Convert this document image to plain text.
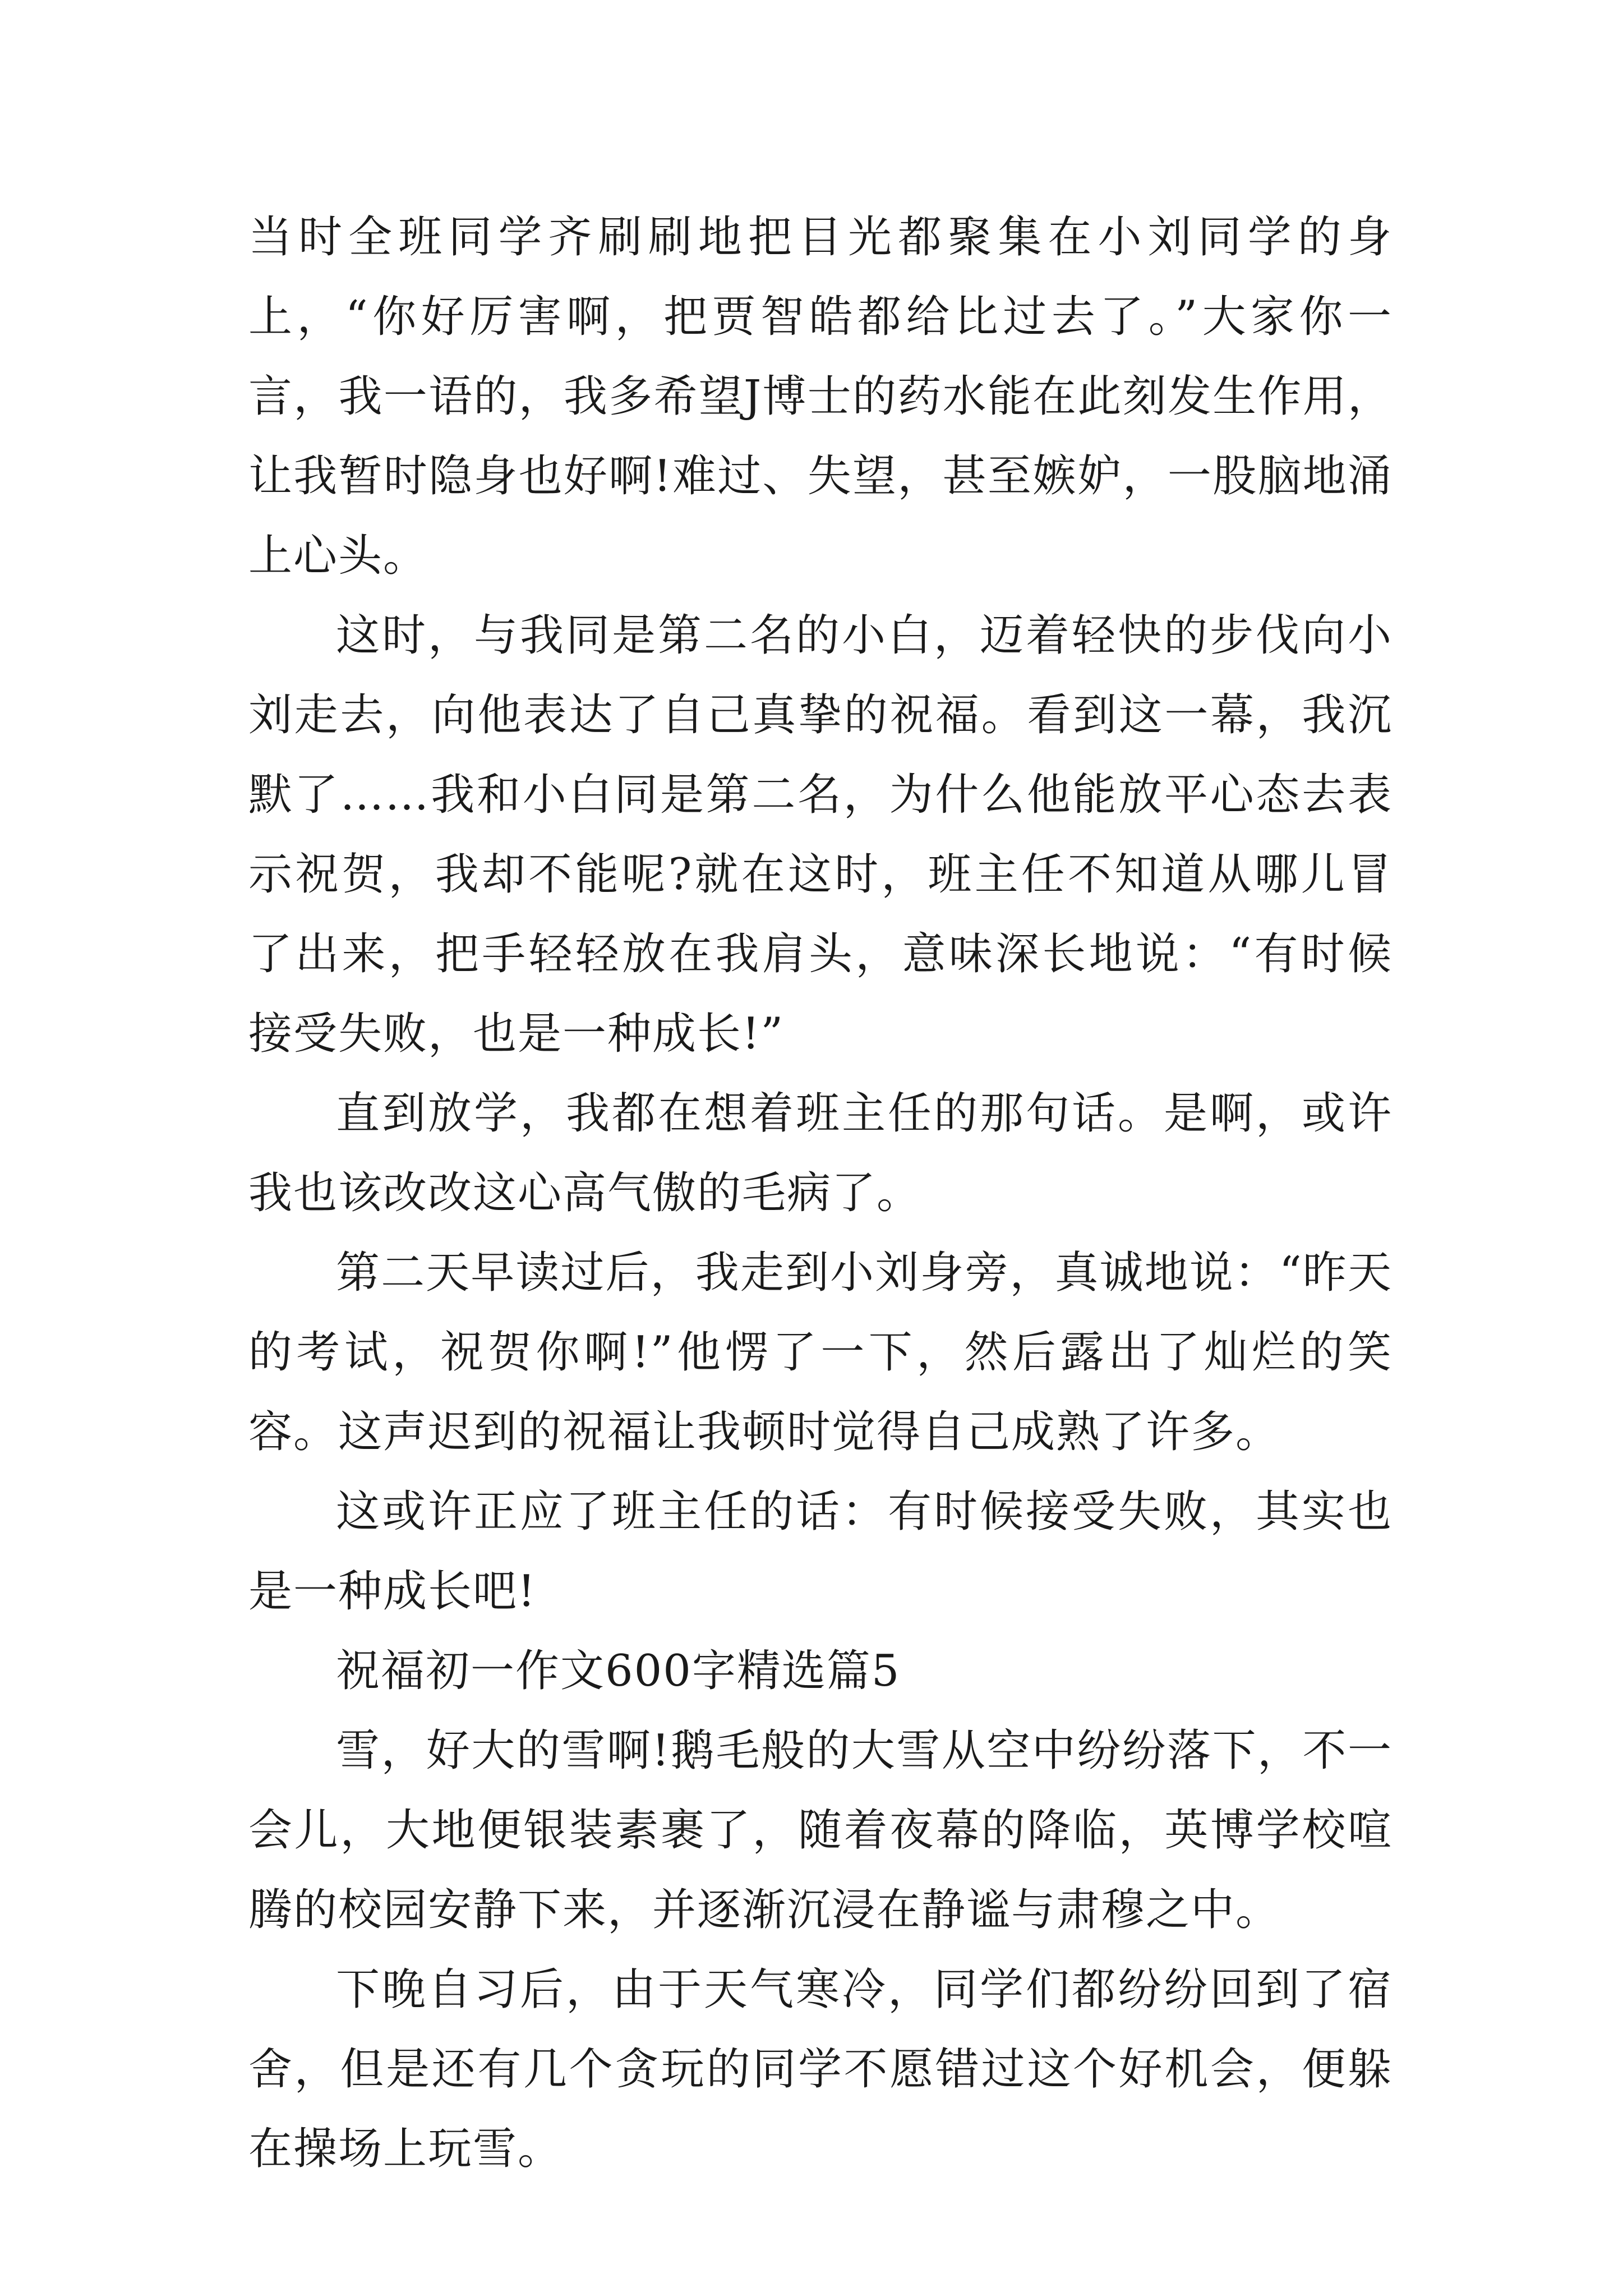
当时全班同学齐刷刷地把目光都聚集在小刘同学的身上，“你好厉害啊，把贾智皓都给比过去了。”大家你一言，我一语的，我多希望J博士的药水能在此刻发生作用，让我暂时隐身也好啊!难过、失望，甚至嫉妒，一股脑地涌上心头。

这时，与我同是第二名的小白，迈着轻快的步伐向小刘走去，向他表达了自己真挚的祝福。看到这一幕，我沉默了……我和小白同是第二名，为什么他能放平心态去表示祝贺，我却不能呢?就在这时，班主任不知道从哪儿冒了出来，把手轻轻放在我肩头，意味深长地说：“有时候接受失败，也是一种成长!”

直到放学，我都在想着班主任的那句话。是啊，或许我也该改改这心高气傲的毛病了。

第二天早读过后，我走到小刘身旁，真诚地说：“昨天的考试，祝贺你啊!”他愣了一下，然后露出了灿烂的笑容。这声迟到的祝福让我顿时觉得自己成熟了许多。

这或许正应了班主任的话：有时候接受失败，其实也是一种成长吧!

祝福初一作文600字精选篇5

雪，好大的雪啊!鹅毛般的大雪从空中纷纷落下，不一会儿，大地便银装素裹了，随着夜幕的降临，英博学校喧腾的校园安静下来，并逐渐沉浸在静谧与肃穆之中。

下晚自习后，由于天气寒冷，同学们都纷纷回到了宿舍，但是还有几个贪玩的同学不愿错过这个好机会，便躲在操场上玩雪。
